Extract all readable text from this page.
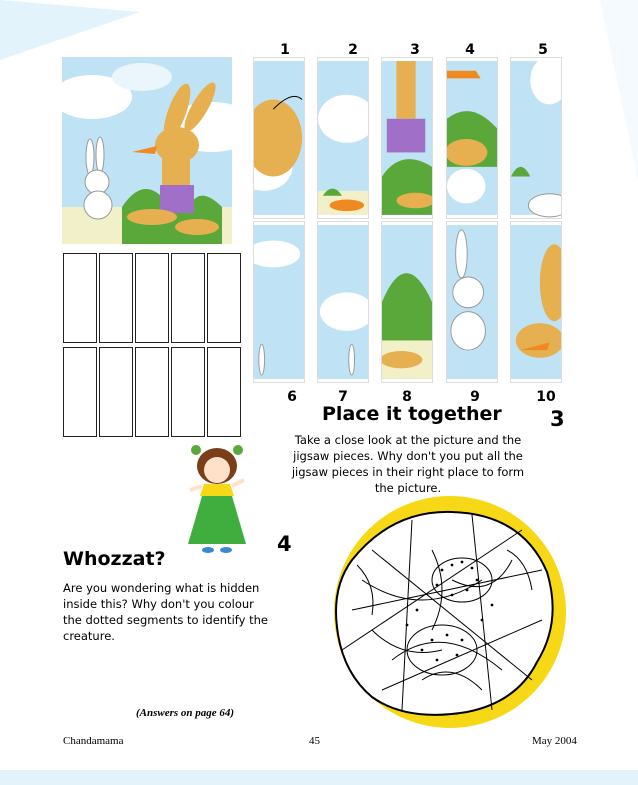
1	2	3	4	5
6	7	8	9	10
Place it together 3
Take a close look at the picture and the jigsaw pieces. Why don't you put all the jigsaw pieces in their right place to form the picture.
4
Whozzat?
Are you wondering what is hidden inside this? Why don't you colour the dotted segments to identify the creature.
(Answers on page 64)
Chandamama	45	May 2004
